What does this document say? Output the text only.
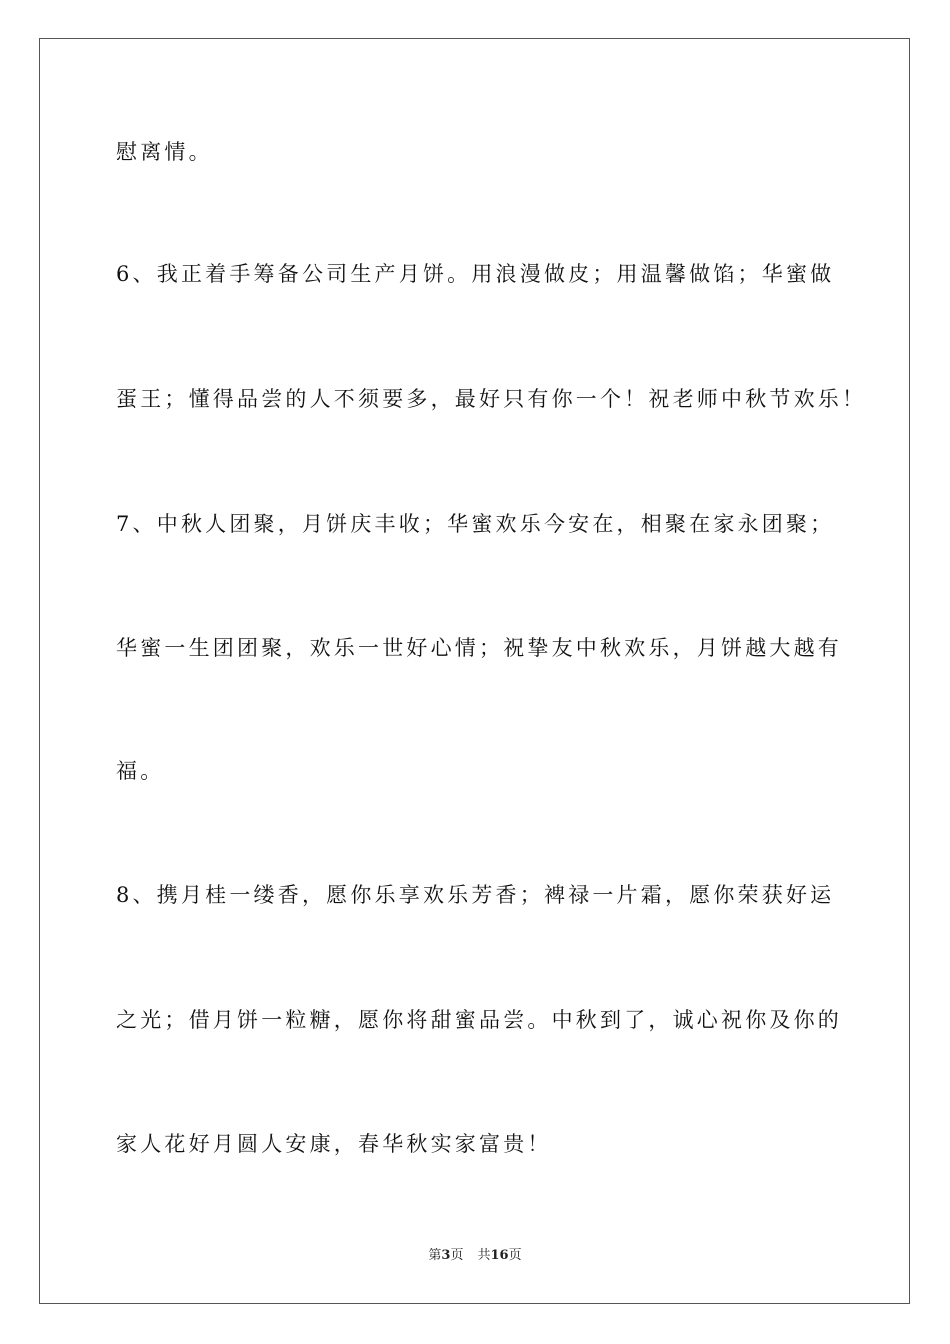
慰离情。
6、我正着手筹备公司生产月饼。用浪漫做皮；用温馨做馅；华蜜做
蛋王；懂得品尝的人不须要多，最好只有你一个！祝老师中秋节欢乐！
7、中秋人团聚，月饼庆丰收；华蜜欢乐今安在，相聚在家永团聚；
华蜜一生团团聚，欢乐一世好心情；祝挚友中秋欢乐，月饼越大越有
福。
8、携月桂一缕香，愿你乐享欢乐芳香；裨禄一片霜，愿你荣获好运
之光；借月饼一粒糖，愿你将甜蜜品尝。中秋到了，诚心祝你及你的
家人花好月圆人安康，春华秋实家富贵！
第3页 共16页
